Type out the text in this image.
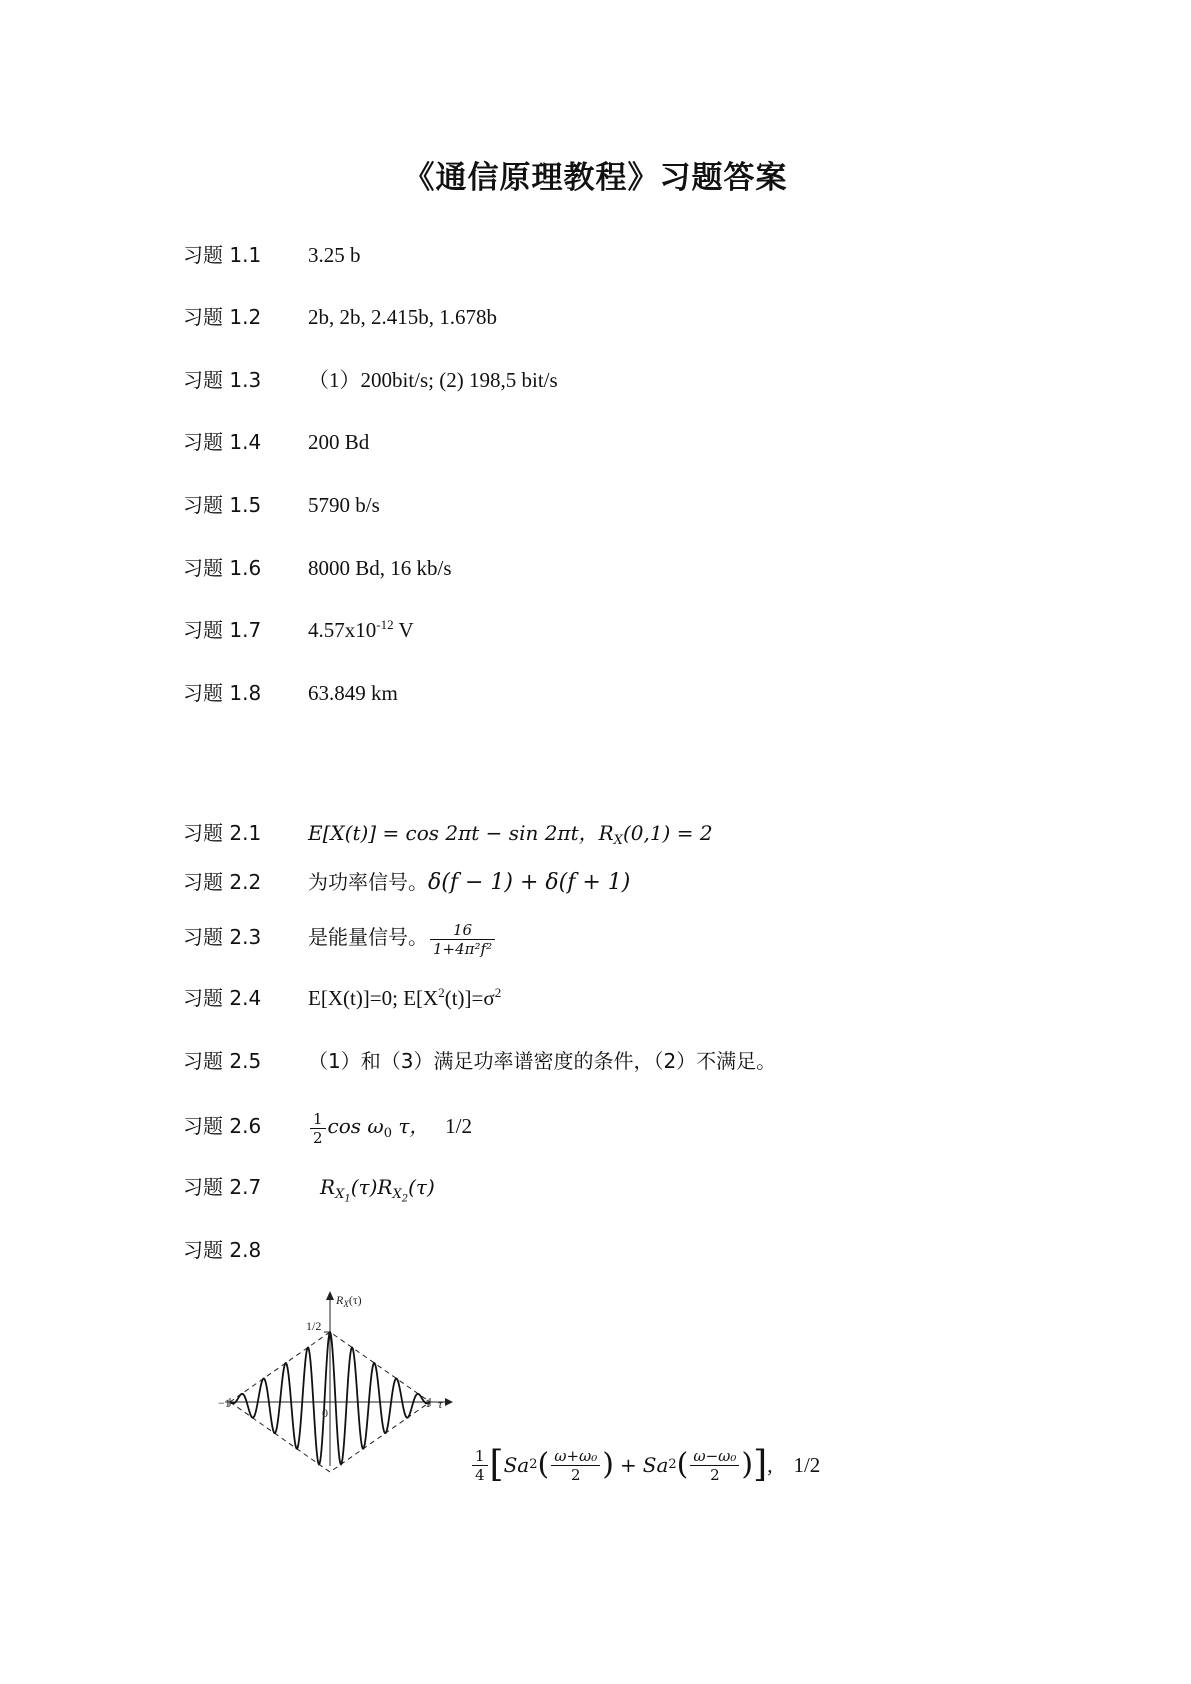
《通信原理教程》习题答案
习题 1.1	3.25 b
习题 1.2	2b, 2b, 2.415b, 1.678b
习题 1.3	（1）200bit/s; (2) 198,5 bit/s
习题 1.4	200 Bd
习题 1.5	5790 b/s
习题 1.6	8000 Bd, 16 kb/s
习题 1.7	$4.57x10^{-12}$ V
习题 1.8	63.849 km
习题 2.1	E[X(t)] = cos 2πt − sin 2πt，$R_X(0,1) = 2$
习题 2.2	为功率信号。δ(f − 1) + δ(f + 1)
习题 2.3	是能量信号。 $\frac{16}{\text{1+4π²f²}}$
习题 2.4	E[X(t)]=0; $E[X^2(t)]=\sigma^2$
习题 2.5	（1）和（3）满足功率谱密度的条件，（2）不满足。
习题 2.6	$\frac{1}{2}$ $\cos \omega_0$ τ， 1/2
习题 2.7	$R_{X_1}(\tau)R_{X_2}(\tau)$
习题 2.8
$R_X(\tau)$
1/2
−1
0
1 τ
$\frac{1}{4}$ [ Sa 2 ( $\frac{\text{ω+ω₀}}{2}$ ) + Sa 2 ( $\frac{\text{ω−ω₀}}{2}$ ) ] , 1/2
